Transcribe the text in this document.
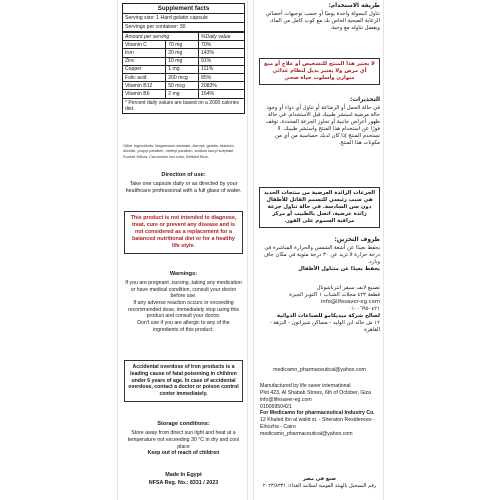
Supplement facts
Serving size: 1 Hard gelatin capsule
Servings per container: 30
Amount per serving		%Daily value
Vitamin C	70 mg	70%
Iron	20 mg	143%
Zinc	10 mg	91%
Copper	1 mg	111%
Folic acid	200 mcg	85%
Vitamin B12	50 mcg	2083%
Vitamin B6	2 mg	154%
* Percent daily values are based on a 2000 calories diet.
Other Ingredients: Magnesium stearate, Aerosil, gelatin, titanium dioxide, propyl paraben, methyl paraben, sodium lauryl sulphate, Sunset Yellow, Carmosine red color, Brilliant Blue.
Direction of use:
Take one capsule daily or as directed by your healthcare professional with a full glass of water.
This product is not intended to diagnose, treat, cure or prevent any disease and is not considered as a replacement for a balanced nutritional diet or for a healthy life style.
Warnings:

If you are pregnant ,nursing ,taking any medication or have medical condition, consult your doctor before use.

If any adverse reaction occurs or exceeding recommended dose, immediately stop using this product and consult your doctor.

Don't use if you are allergic to any of the ingredients of this product.

Accidental overdose of Iron products is a leading cause of fatal poisoning in children under 6 years of age. In case of accidental overdose, contact a doctor or poison control center immediately.
Storage conditions:

Store away from direct sun light and heat at a temperature not exceeding 30 °C in dry and cool place

Keep out of reach of children

Made In Egypt
NFSA Reg. No.: 8331 / 2023
طريقة الاستخدام:
تناول كبسولة واحدة يوميًا أو حسب توجيهات أخصائي الرعاية الصحية الخاص بك مع كوب كامل من الماء، ويفضل تناوله مع وجبة.
لا يعتبر هذا المنتج للتشخيص أو علاج أو منع أي مرض ولا يعتبر بديل لنظام غذائي متوازن وأسلوب حياة صحي
التحذيرات:
في حالة الحمل أو الرضاعة أو تناول أي دواء أو وجود حالة مرضية استشر طبيبك قبل الاستخدام. في حالة ظهور أعراض جانبية أو تجاوز الجرعة المحددة، توقف فورًا عن استخدام هذا المنتج واستشر طبيبك. لا تستخدم المنتج إذا كان لديك حساسية من أي من مكونات هذا المنتج.
الجرعات الزائدة العرضية من منتجات الحديد هي سبب رئيسي للتسمم القاتل للأطفال دون سن السادسة. في حالة تناول جرعة زائدة عرضية، اتصل بالطبيب أو مركز مراقبة السموم على الفور.
ظروف التخزين:
يحفظ بعيدًا عن أشعة الشمس والحرارة المباشرة في درجة حرارة لا تزيد عن ٣٠ درجة مئوية في مكان جاف وبارد.
يحفظ بعيدًا عن متناول الأطفال
تصنيع لايف سيفر انترناشونال
قطعة ٤٢٣ محلات الشباب ١ اكتوبر الجيزة
info@lifesaver-eg.com
٠١٠٠٦٩٥٠٤٢١
لصالح شركة ميديكامو للصناعات الدوائية
١٢ ش خالد ابن الوليد - مساكن شيراتون - النزهة - القاهرة
medicamo_pharmaceutical@yahoo.com
Manufactured by life saver international
Plot 423, Al Shabab Stores, 6th of October, Giza
info@lifesaver-eg.com
01006950421
For Medicamo for pharmaceutical Industry Co.
12 Khaled ibn al walid st. - Sheraton Residences - Elnozha - Cairo
medicamo_pharmaceutical@yahoo.com
صنع في مصر
رقم التسجيل بالهيئة القومية لسلامة الغذاء: ٢٠٢٣/٨٣٣١
